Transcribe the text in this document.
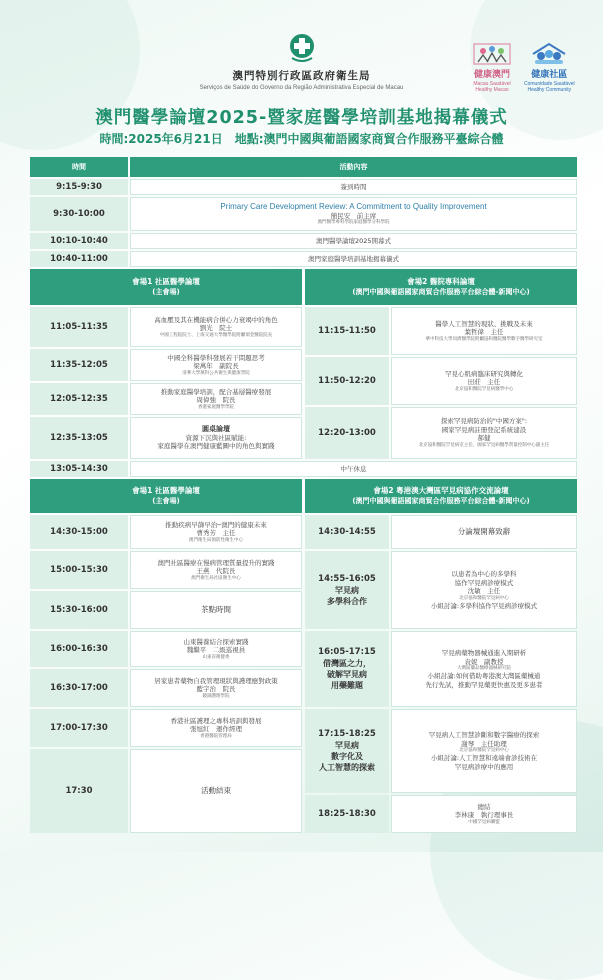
澳門特別行政區政府衛生局
Serviços de Saúde do Governo da Região Administrativa Especial de Macau
健康澳門
Macau Saudável
Healthy Macao
健康社區
Comunidade Saudável
Healthy Community
澳門醫學論壇2025-暨家庭醫學培訓基地揭幕儀式
時間:2025年6月21日　地點:澳門中國與葡語國家商貿合作服務平臺綜合體
時間	活動內容
9:15-9:30	簽到時間
9:30-10:00
Primary Care Development Review: A Commitment to Quality Improvement
簡民安　前主席
澳門醫學專科學院家庭醫學分科學院
10:10-10:40	澳門醫學論壇2025開幕式
10:40-11:00	澳門家庭醫學培訓基地揭幕儀式
會場1 社區醫學論壇
(主會場)
會場2 醫院專科論壇
(澳門中國與葡語國家商貿合作服務平台綜合體-新聞中心)
11:05-11:35
高血壓及其在機能病合併心力衰竭中的角色
劉光　院士
中國工程院院士、上海交通大學醫學院附屬瑞金醫院院長
11:35-12:05
中國全科醫學科發展若干問題思考
梁萬年　副院長
清華大學萬科公共衛生與健康學院
12:05-12:35
推動家庭醫學培訓，配合基層醫療發展
周偉強　院長
香港家庭醫學學院
12:35-13:05
圓桌論壇
資源下沉與社區賦能:
家庭醫學在澳門健康藍圖中的角色與實踐
11:15-11:50
醫學人工智慧的現狀、挑戰及未來
葉哲偉　主任
華中科技大學同濟醫學院附屬協和醫院醫學數字醫學研究室
11:50-12:20
罕見心肌病臨床研究與轉化
田莊　主任
北京協和醫院罕見病醫學中心
12:20-13:00
探索罕見病防治的"中國方案":
國家罕見病註冊登記系統建設
郝健
北京協和醫院罕見病室主任、國家罕見病醫學質量控制中心副主任
13:05-14:30	中午休息
會場1 社區醫學論壇
(主會場)
會場2 粵港澳大灣區罕見病協作交流論壇
(澳門中國與葡語國家商貿合作服務平台綜合體-新聞中心)
14:30-15:00
推動疾病早篩早治─澳門的健康未來
曹秀芳　主任
澳門衛生局預防性衛生中心
15:00-15:30
澳門社區醫療在慢病管理質量提升的實踐
王燕　代院長
澳門衛生局社區衛生中心
15:30-16:00	茶點時間
16:00-16:30
山東醫養結合探索實踐
魏繼平　二級巡視員
山東省衛健委
16:30-17:00
居家患者藥物自我管理現狀與護理應對政策
藍宇治　院長
鏡湖護理學院
17:00-17:30
香港社區護理之專科培訓與發展
張旭紅　運作經理
香港醫院管理局
17:30	活動結束
14:30-14:55	分論壇開幕致辭
14:55-16:05
罕見病
多學科合作
以患者為中心的多學科
協作罕見病診療模式
沈敏　主任
北京協和醫院罕見病中心
小組討論:多學科協作罕見病診療模式
16:05-17:15
借灣區之力，
破解罕見病
用藥難題
罕見病藥物器械通進入期研析
袁妮　副教授
大灣區藥品醫療器械研究院
小組討論:如何借助粵港澳大灣區藥械通
先行先試，推動罕見藥更快惠及更多患者
17:15-18:25
罕見病
數字化及
人工智慧的探索
罕見病人工智慧診斷和數字醫療的探索
謝琴　主任助理
北京協和醫院罕見病中心
小組討論:人工智慧和遠端會診技術在
罕見病診療中的應用
18:25-18:30
總結
李林康　執行理事長
中國罕見病聯盟
